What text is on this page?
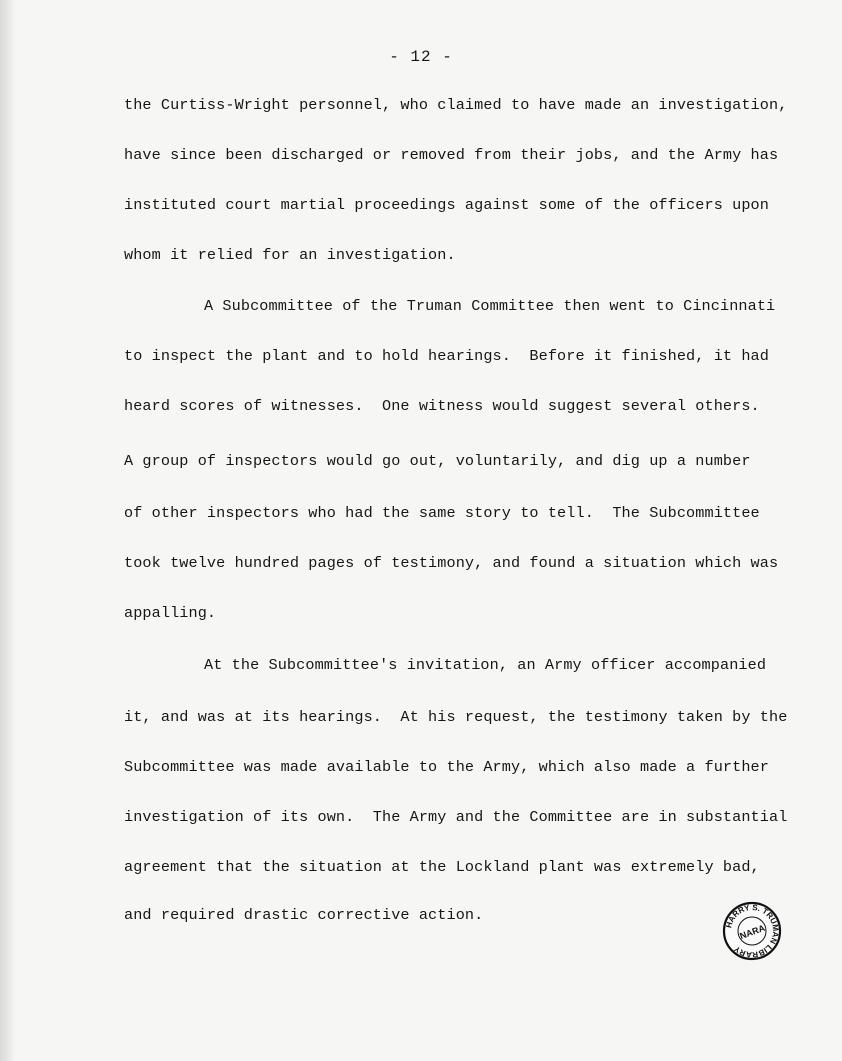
- 12 -
the Curtiss-Wright personnel, who claimed to have made an investigation,
have since been discharged or removed from their jobs, and the Army has
instituted court martial proceedings against some of the officers upon
whom it relied for an investigation.
A Subcommittee of the Truman Committee then went to Cincinnati
to inspect the plant and to hold hearings.  Before it finished, it had
heard scores of witnesses.  One witness would suggest several others.
A group of inspectors would go out, voluntarily, and dig up a number
of other inspectors who had the same story to tell.  The Subcommittee
took twelve hundred pages of testimony, and found a situation which was
appalling.
At the Subcommittee's invitation, an Army officer accompanied
it, and was at its hearings.  At his request, the testimony taken by the
Subcommittee was made available to the Army, which also made a further
investigation of its own.  The Army and the Committee are in substantial
agreement that the situation at the Lockland plant was extremely bad,
and required drastic corrective action.
HARRY S. TRUMAN LIBRARY
NARA
